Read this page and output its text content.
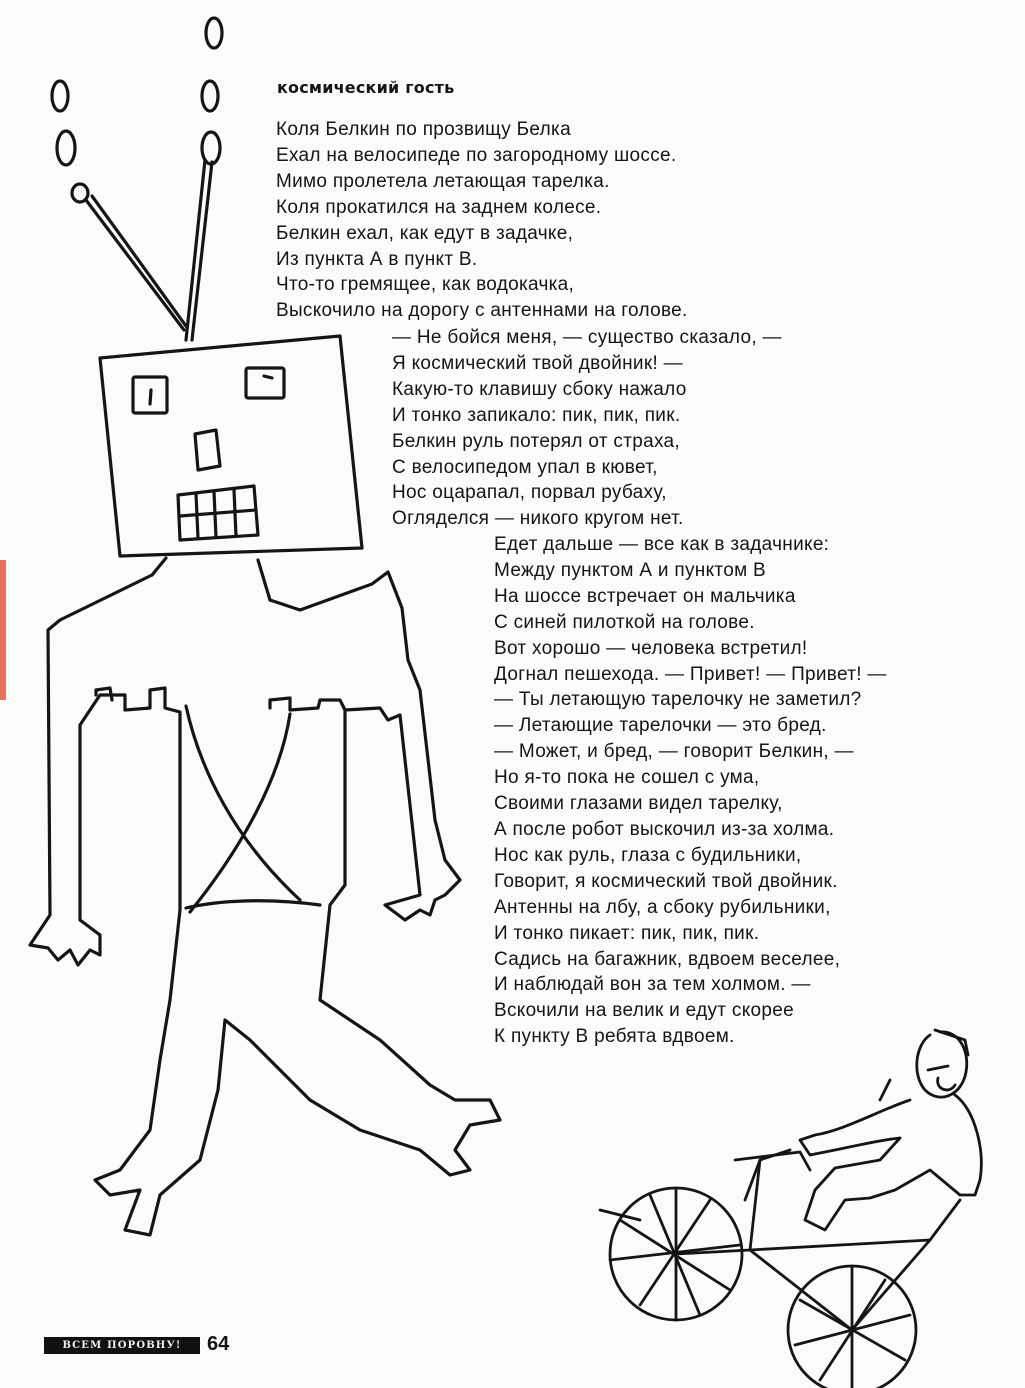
космический гость
Коля Белкин по прозвищу Белка
Ехал на велосипеде по загородному шоссе.
Мимо пролетела летающая тарелка.
Коля прокатился на заднем колесе.
Белкин ехал, как едут в задачке,
Из пункта А в пункт В.
Что-то гремящее, как водокачка,
Выскочило на дорогу с антеннами на голове.
— Не бойся меня, — существо сказало, —
Я космический твой двойник! —
Какую-то клавишу сбоку нажало
И тонко запикало: пик, пик, пик.
Белкин руль потерял от страха,
С велосипедом упал в кювет,
Нос оцарапал, порвал рубаху,
Огляделся — никого кругом нет.
Едет дальше — все как в задачнике:
Между пунктом А и пунктом В
На шоссе встречает он мальчика
С синей пилоткой на голове.
Вот хорошо — человека встретил!
Догнал пешехода. — Привет! — Привет! —
— Ты летающую тарелочку не заметил?
— Летающие тарелочки — это бред.
— Может, и бред, — говорит Белкин, —
Но я-то пока не сошел с ума,
Своими глазами видел тарелку,
А после робот выскочил из-за холма.
Нос как руль, глаза с будильники,
Говорит, я космический твой двойник.
Антенны на лбу, а сбоку рубильники,
И тонко пикает: пик, пик, пик.
Садись на багажник, вдвоем веселее,
И наблюдай вон за тем холмом. —
Вскочили на велик и едут скорее
К пункту В ребята вдвоем.
ВСЕМ ПОРОВНУ!	64
